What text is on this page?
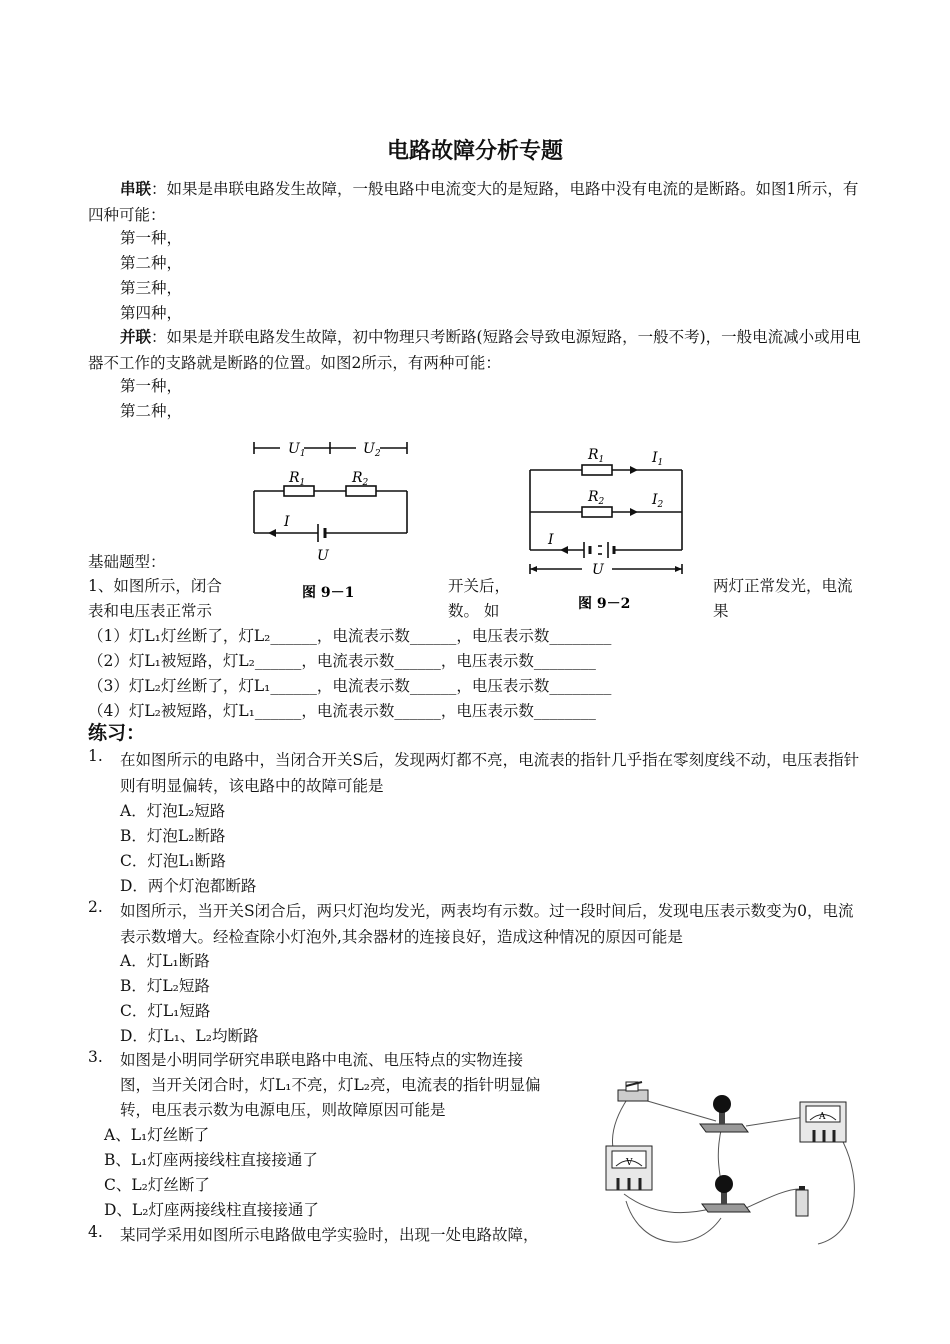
电路故障分析专题
串联：如果是串联电路发生故障，一般电路中电流变大的是短路，电路中没有电流的是断路。如图1所示，有四种可能：
第一种，
第二种，
第三种，
第四种，
并联：如果是并联电路发生故障，初中物理只考断路(短路会导致电源短路，一般不考)，一般电流减小或用电器不工作的支路就是断路的位置。如图2所示，有两种可能：
第一种，
第二种，
$U_1$	$U_2$
$R_1$	$R_2$
I
U
图 9－1
$R_1$	$I_1$
$R_2$	$I_2$
I
U
图 9－2
基础题型：
1、如图所示，闭合
表和电压表正常示
开关后，
数。 如
两灯正常发光，电流
果
（1）灯L₁灯丝断了，灯L₂______，电流表示数______，电压表示数________
（2）灯L₁被短路，灯L₂______，电流表示数______，电压表示数________
（3）灯L₂灯丝断了，灯L₁______，电流表示数______，电压表示数________
（4）灯L₂被短路，灯L₁______，电流表示数______，电压表示数________
练习：
1. 在如图所示的电路中，当闭合开关S后，发现两灯都不亮，电流表的指针几乎指在零刻度线不动，电压表指针则有明显偏转，该电路中的故障可能是
A．灯泡L₂短路
B．灯泡L₂断路
C．灯泡L₁断路
D．两个灯泡都断路
2. 如图所示，当开关S闭合后，两只灯泡均发光，两表均有示数。过一段时间后，发现电压表示数变为0，电流表示数增大。经检查除小灯泡外,其余器材的连接良好，造成这种情况的原因可能是
A．灯L₁断路
B．灯L₂短路
C．灯L₁短路
D．灯L₁、L₂均断路
3. 如图是小明同学研究串联电路中电流、电压特点的实物连接
图，当开关闭合时，灯L₁不亮，灯L₂亮，电流表的指针明显偏
转，电压表示数为电源电压，则故障原因可能是
A、L₁灯丝断了
B、L₁灯座两接线柱直接接通了
C、L₂灯丝断了
D、L₂灯座两接线柱直接接通了
4. 某同学采用如图所示电路做电学实验时，出现一处电路故障，
A
V
